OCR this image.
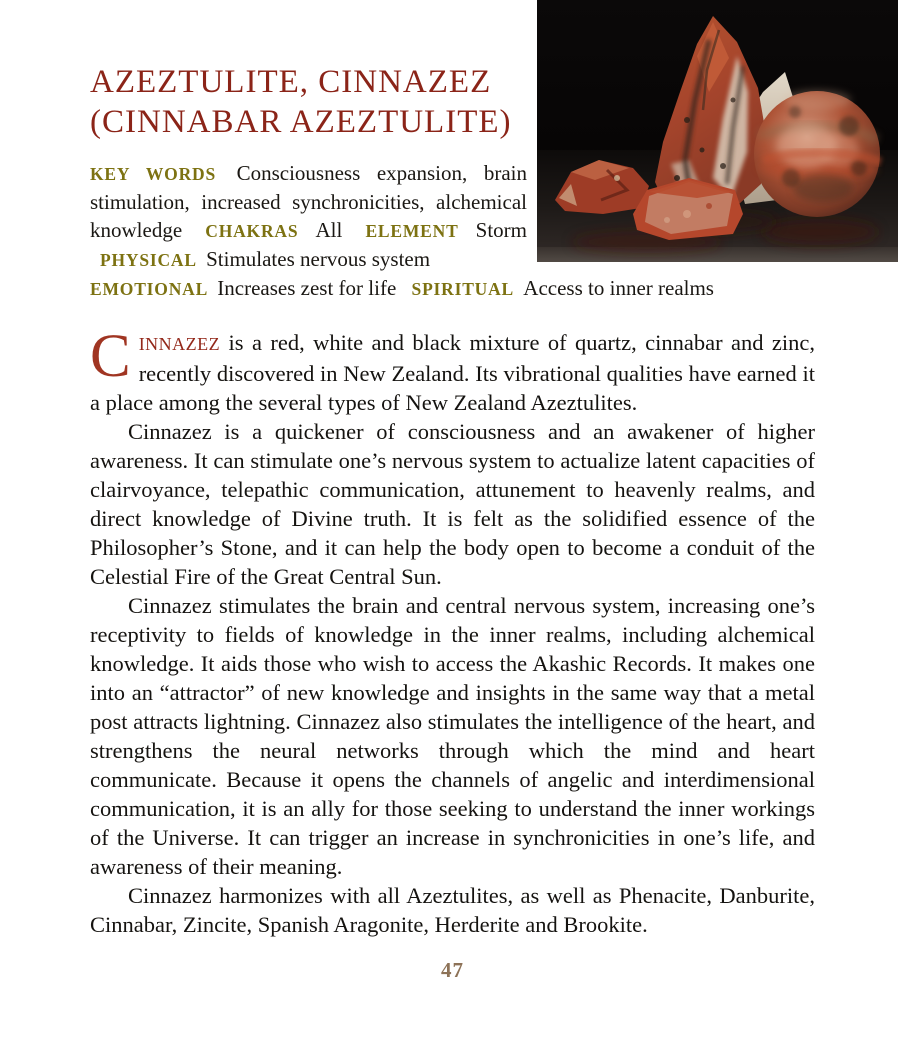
AZEZTULITE, CINNAZEZ
(CINNABAR AZEZTULITE)

KEY WORDS Consciousness expansion, brain stimulation, increased synchronicities, alchemical knowledge CHAKRAS All ELEMENT Storm PHYSICAL Stimulates nervous system

EMOTIONAL Increases zest for life SPIRITUAL Access to inner realms

CINNAZEZ is a red, white and black mixture of quartz, cinnabar and zinc, recently discovered in New Zealand. Its vibrational qualities have earned it a place among the several types of New Zealand Azeztulites.

Cinnazez is a quickener of consciousness and an awakener of higher awareness. It can stimulate one’s nervous system to actualize latent capacities of clairvoyance, telepathic communication, attunement to heavenly realms, and direct knowledge of Divine truth. It is felt as the solidified essence of the Philosopher’s Stone, and it can help the body open to become a conduit of the Celestial Fire of the Great Central Sun.

Cinnazez stimulates the brain and central nervous system, increasing one’s receptivity to fields of knowledge in the inner realms, including alchemical knowledge. It aids those who wish to access the Akashic Records. It makes one into an “attractor” of new knowledge and insights in the same way that a metal post attracts lightning. Cinnazez also stimulates the intelligence of the heart, and strengthens the neural networks through which the mind and heart communicate. Because it opens the channels of angelic and interdimensional communication, it is an ally for those seeking to understand the inner workings of the Universe. It can trigger an increase in synchronicities in one’s life, and awareness of their meaning.

Cinnazez harmonizes with all Azeztulites, as well as Phenacite, Danburite, Cinnabar, Zincite, Spanish Aragonite, Herderite and Brookite.

47
